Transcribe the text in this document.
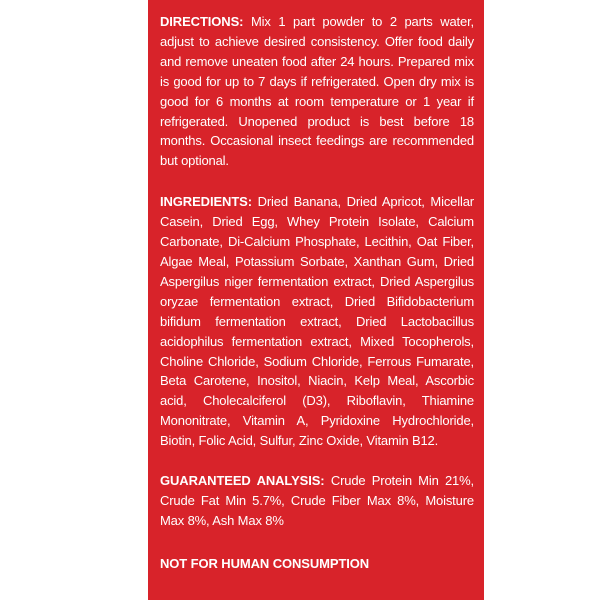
DIRECTIONS: Mix 1 part powder to 2 parts water, adjust to achieve desired consistency. Offer food daily and remove uneaten food after 24 hours. Prepared mix is good for up to 7 days if refrigerated. Open dry mix is good for 6 months at room temperature or 1 year if refrigerated. Unopened product is best before 18 months. Occasional insect feedings are recommended but optional.
INGREDIENTS: Dried Banana, Dried Apricot, Micellar Casein, Dried Egg, Whey Protein Isolate, Calcium Carbonate, Di-Calcium Phosphate, Lecithin, Oat Fiber, Algae Meal, Potassium Sorbate, Xanthan Gum, Dried Aspergilus niger fermentation extract, Dried Aspergilus oryzae fermentation extract, Dried Bifidobacterium bifidum fermentation extract, Dried Lactobacillus acidophilus fermentation extract, Mixed Tocopherols, Choline Chloride, Sodium Chloride, Ferrous Fumarate, Beta Carotene, Inositol, Niacin, Kelp Meal, Ascorbic acid, Cholecalciferol (D3), Riboflavin, Thiamine Mononitrate, Vitamin A, Pyridoxine Hydrochloride, Biotin, Folic Acid, Sulfur, Zinc Oxide, Vitamin B12.
GUARANTEED ANALYSIS: Crude Protein Min 21%, Crude Fat Min 5.7%, Crude Fiber Max 8%, Moisture Max 8%, Ash Max 8%
NOT FOR HUMAN CONSUMPTION
